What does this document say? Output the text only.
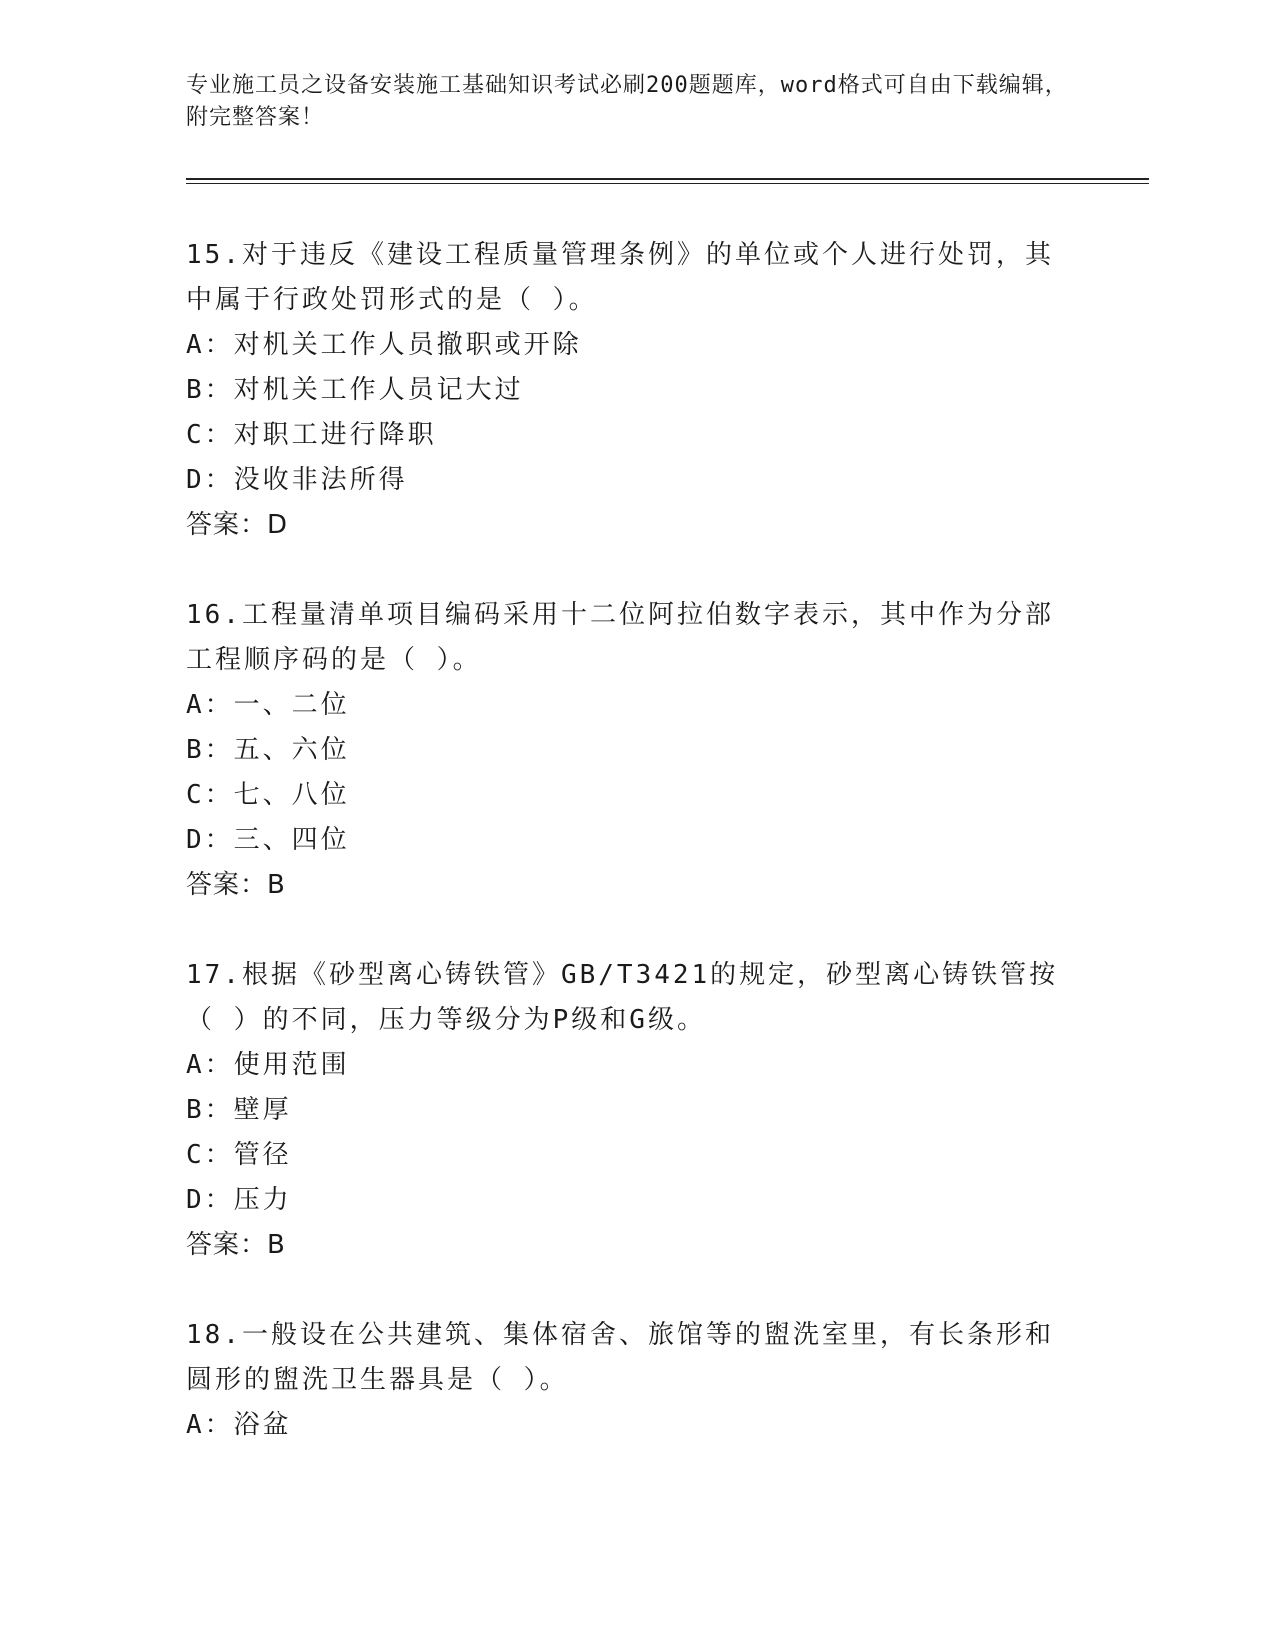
专业施工员之设备安装施工基础知识考试必刷200题题库，word格式可自由下载编辑，附完整答案！

15.对于违反《建设工程质量管理条例》的单位或个人进行处罚，其中属于行政处罚形式的是（ ）。

A：对机关工作人员撤职或开除

B：对机关工作人员记大过

C：对职工进行降职

D：没收非法所得

答案：D

16.工程量清单项目编码采用十二位阿拉伯数字表示，其中作为分部工程顺序码的是（ ）。

A：一、二位

B：五、六位

C：七、八位

D：三、四位

答案：B

17.根据《砂型离心铸铁管》GB/T3421的规定，砂型离心铸铁管按（ ）的不同，压力等级分为P级和G级。

A：使用范围

B：壁厚

C：管径

D：压力

答案：B

18.一般设在公共建筑、集体宿舍、旅馆等的盥洗室里，有长条形和圆形的盥洗卫生器具是（ ）。

A：浴盆
